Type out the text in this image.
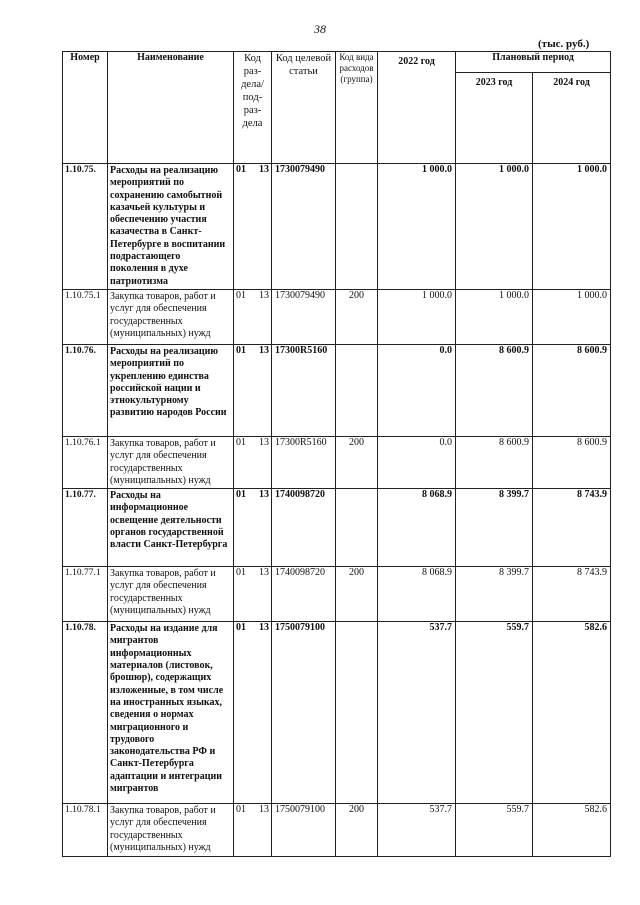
38
(тыс. руб.)
Номер	Наименование	Код раз-дела/ под-раз-дела		Код целевой статьи	Код вида расходов (группа)	2022 год	Плановый период	
							2023 год	2024 год
1.10.75.	Расходы на реализацию мероприятий по сохранению самобытной казачьей культуры и обеспечению участия казачества в Санкт-Петербурге в воспитании подрастающего поколения в духе патриотизма	01	13	1730079490		1 000.0	1 000.0	1 000.0
1.10.75.1	Закупка товаров, работ и услуг для обеспечения государственных (муниципальных) нужд	01	13	1730079490	200	1 000.0	1 000.0	1 000.0
1.10.76.	Расходы на реализацию мероприятий по укреплению единства российской нации и этнокультурному развитию народов России	01	13	17300R5160		0.0	8 600.9	8 600.9
1.10.76.1	Закупка товаров, работ и услуг для обеспечения государственных (муниципальных) нужд	01	13	17300R5160	200	0.0	8 600.9	8 600.9
1.10.77.	Расходы на информационное освещение деятельности органов государственной власти Санкт-Петербурга	01	13	1740098720		8 068.9	8 399.7	8 743.9
1.10.77.1	Закупка товаров, работ и услуг для обеспечения государственных (муниципальных) нужд	01	13	1740098720	200	8 068.9	8 399.7	8 743.9
1.10.78.	Расходы на издание для мигрантов информационных материалов (листовок, брошюр), содержащих изложенные, в том числе на иностранных языках, сведения о нормах миграционного и трудового законодательства РФ и Санкт-Петербурга адаптации и интеграции мигрантов	01	13	1750079100		537.7	559.7	582.6
1.10.78.1	Закупка товаров, работ и услуг для обеспечения государственных (муниципальных) нужд	01	13	1750079100	200	537.7	559.7	582.6
